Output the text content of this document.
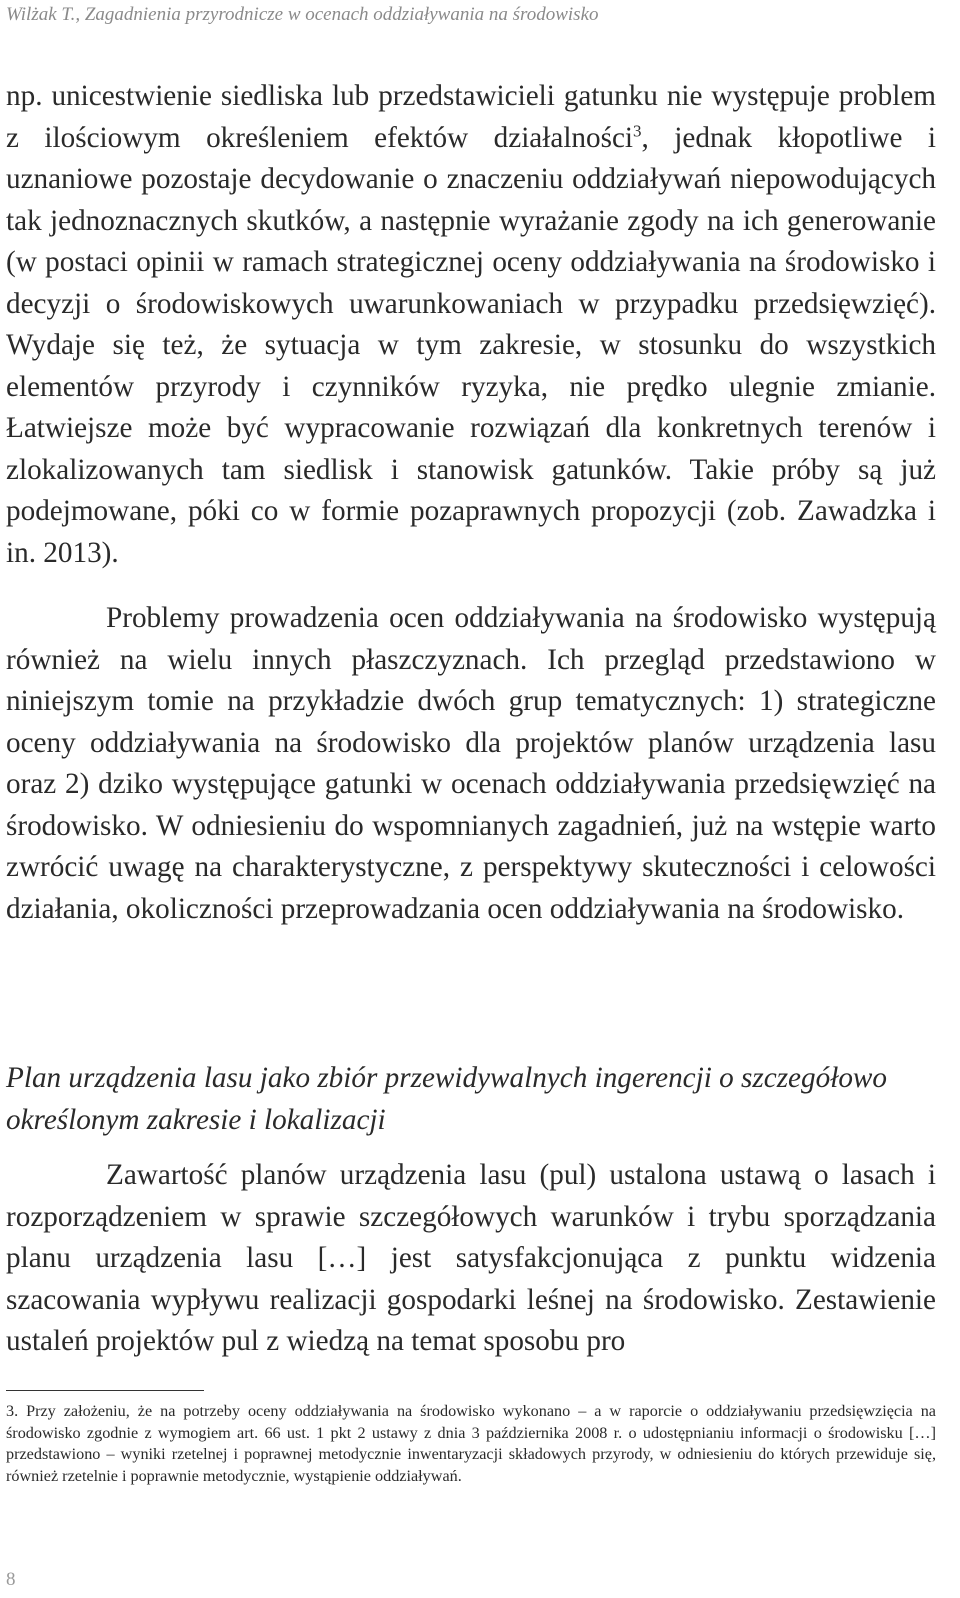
Wilżak T., Zagadnienia przyrodnicze w ocenach oddziaływania na środowisko

np. unicestwienie siedliska lub przedstawicieli gatunku nie występuje problem z ilościowym określeniem efektów działalności$^3$, jednak kłopotliwe i uznaniowe pozostaje decydowanie o znaczeniu oddziaływań niepowodujących tak jednoznacznych skutków, a następnie wyrażanie zgody na ich generowanie (w postaci opinii w ramach strategicznej oceny oddziaływania na środowisko i decyzji o środowiskowych uwarunkowaniach w przypadku przedsięwzięć). Wydaje się też, że sytuacja w tym zakresie, w stosunku do wszystkich elementów przyrody i czynników ryzyka, nie prędko ulegnie zmianie. Łatwiejsze może być wypracowanie rozwiązań dla konkretnych terenów i zlokalizowanych tam siedlisk i stanowisk gatunków. Takie próby są już podejmowane, póki co w formie pozaprawnych propozycji (zob. Zawadzka i in. 2013).

Problemy prowadzenia ocen oddziaływania na środowisko występują również na wielu innych płaszczyznach. Ich przegląd przedstawiono w niniejszym tomie na przykładzie dwóch grup tematycznych: 1) strategiczne oceny oddziaływania na środowisko dla projektów planów urządzenia lasu oraz 2) dziko występujące gatunki w ocenach oddziaływania przedsięwzięć na środowisko. W odniesieniu do wspomnianych zagadnień, już na wstępie warto zwrócić uwagę na charakterystyczne, z perspektywy skuteczności i celowości działania, okoliczności przeprowadzania ocen oddziaływania na środowisko.

Plan urządzenia lasu jako zbiór przewidywalnych ingerencji o szczegółowo określonym zakresie i lokalizacji

Zawartość planów urządzenia lasu (pul) ustalona ustawą o lasach i rozporządzeniem w sprawie szczegółowych warunków i trybu sporządzania planu urządzenia lasu […] jest satysfakcjonująca z punktu widzenia szacowania wypływu realizacji gospodarki leśnej na środowisko. Zestawienie ustaleń projektów pul z wiedzą na temat sposobu pro

3. Przy założeniu, że na potrzeby oceny oddziaływania na środowisko wykonano – a w raporcie o oddziaływaniu przedsięwzięcia na środowisko zgodnie z wymogiem art. 66 ust. 1 pkt 2 ustawy z dnia 3 października 2008 r. o udostępnianiu informacji o środowisku […] przedstawiono – wyniki rzetelnej i poprawnej metodycznie inwentaryzacji składowych przyrody, w odniesieniu do których przewiduje się, również rzetelnie i poprawnie metodycznie, wystąpienie oddziaływań.

8
